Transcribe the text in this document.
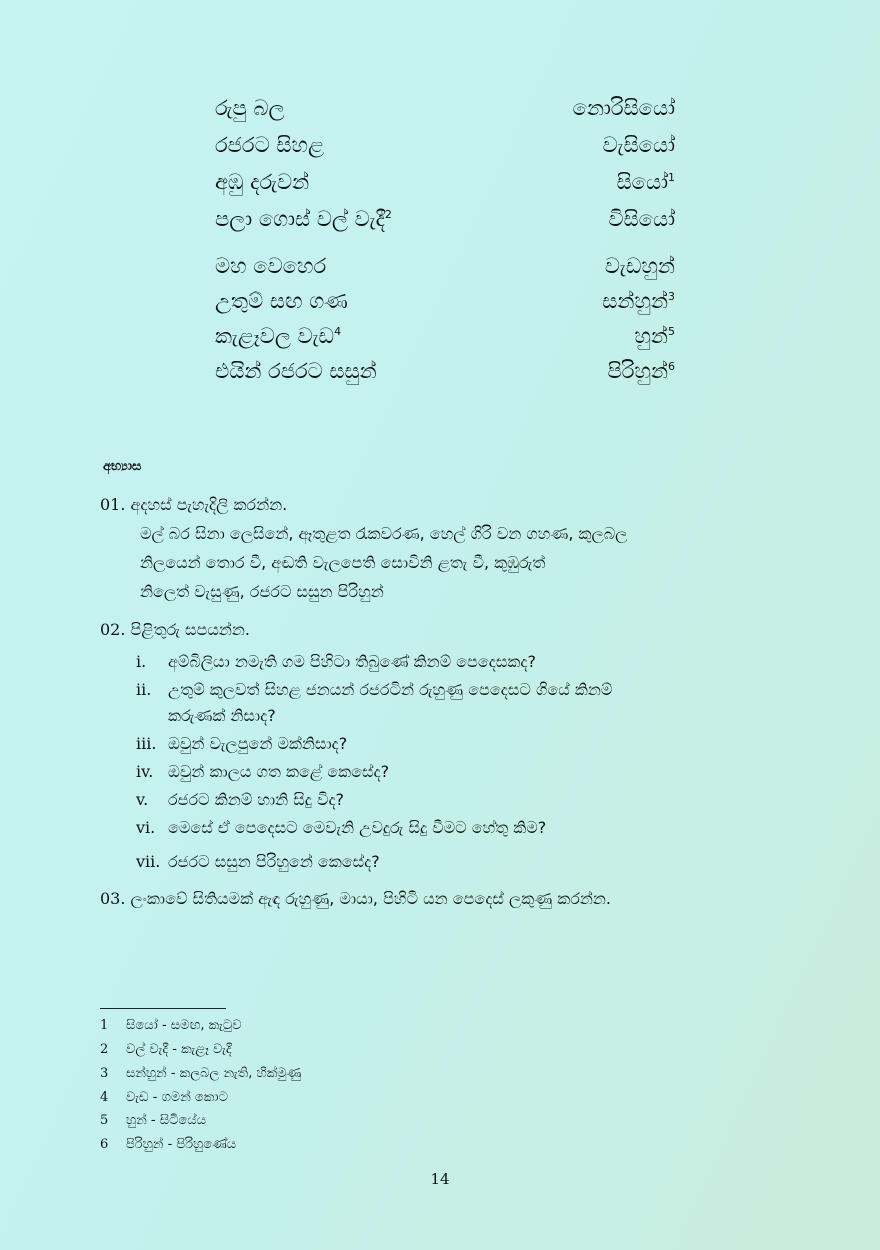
රුපු බල	නොරිසියෝ
රජරට සිහළ	වැසියෝ
අඹු දරුවන්	සියෝ$^1$
පලා ගොස් වල් වැදී$^2$	විසියෝ
මහ වෙහෙර	වැඩහුන්
උතුම් සඟ ගණ	සන්හුන්$^3$
කැළෑවල වැඩ$^4$	හුන්$^5$
එයින් රජරට සසුන්	පිරිහුන්$^6$
අභ්‍යාස
01. අදහස් පැහැදිලි කරන්න.
මල් බර සිනා ලෙසිනේ, ඈතුළත රැකවරණ, හෙල් ගිරි වන ගහණ, කුලබල
නිලයෙන් තොර වී, අඬති වැලපෙති සොවිනි ළතැ වී, කුඹුරුත්
නිලෙත් වැසුණු, රජරට සසුන පිරිහුන්
02. පිළිතුරු සපයන්න.
i. අම්බිලියා නමැති ගම පිහිටා තිබුණේ කිනම් පෙදෙසකද?
ii. උතුම් කුලවත් සිහළ ජනයන් රජරටින් රුහුණු පෙදෙසට ගියේ කිනම්
කරුණක් නිසාද?
iii. ඔවුන් වැලපුනේ මක්නිසාද?
iv. ඔවුන් කාලය ගත කළේ කෙසේද?
v. රජරට කිනම් හානි සිදු විද?
vi. මෙසේ ඒ පෙදෙසට මෙවැනි උවදුරු සිදු වීමට හේතු කිම?
vii. රජරට සසුන පිරිහුනේ කෙසේද?
03. ලංකාවේ සිතියමක් ඇඳ රුහුණු, මායා, පිහිටි යන පෙදෙස් ලකුණු කරන්න.
1 සියෝ - සමඟ, කැටුව
2 වල් වැදී - කැළෑ වැදී
3 සන්හුන් - කලබල නැති, හික්මුණු
4 වැඩ - ගමන් කොට
5 හුන් - සිටියේය
6 පිරිහුන් - පිරිහුණේය
14
